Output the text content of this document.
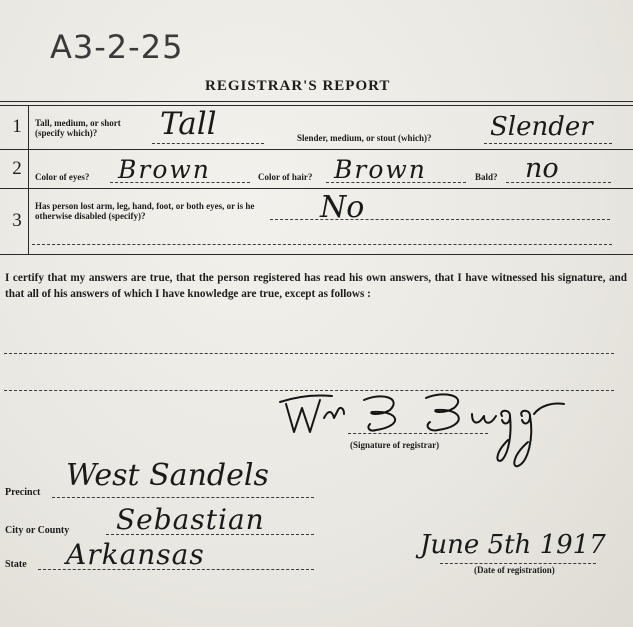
A3-2-25
REGISTRAR'S REPORT
1
2
3
Tall, medium, or short (specify which)?	Tall	Slender, medium, or stout (which)? Slender
Color of eyes? Brown	Color of hair? Brown	Bald? no
Has person lost arm, leg, hand, foot, or both eyes, or is he otherwise disabled (specify)?	No
I certify that my answers are true, that the person registered has read his own answers, that I have witnessed his signature, and that all of his answers of which I have knowledge are true, except as follows :
(Signature of registrar)
Precinct West Sandels
City or County Sebastian
State Arkansas	June 5th 1917
(Date of registration)
